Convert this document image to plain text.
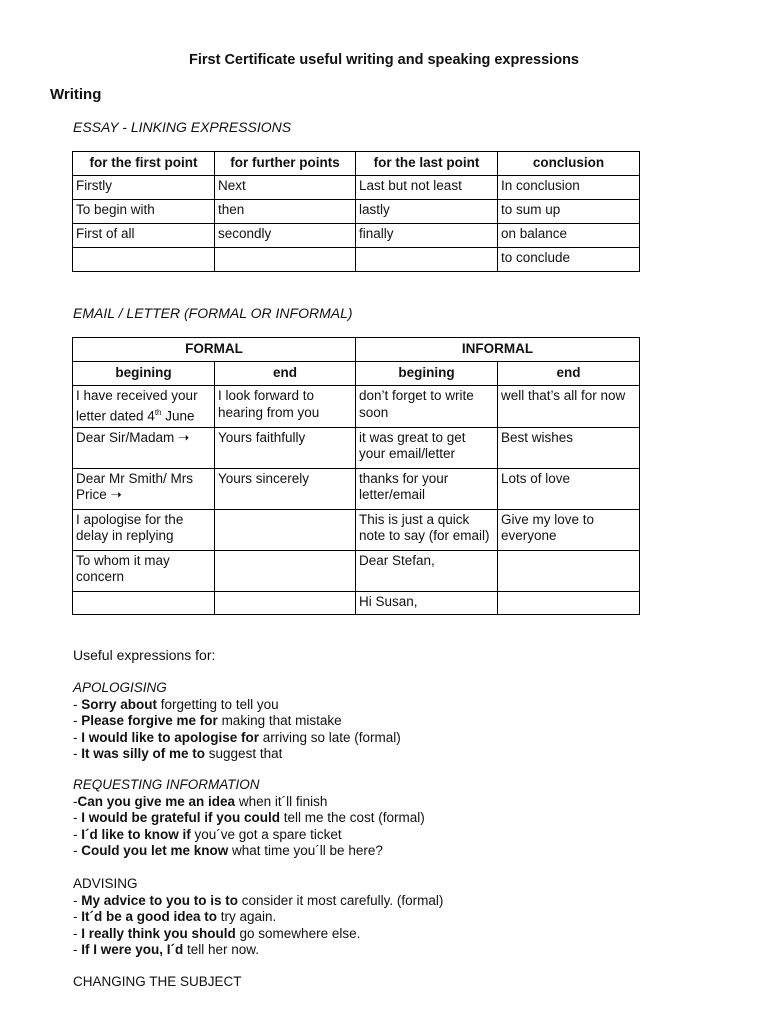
First Certificate useful writing and speaking expressions
Writing
ESSAY - LINKING EXPRESSIONS
for the first point	for further points	for the last point	conclusion
Firstly	Next	Last but not least	In conclusion
To begin with	then	lastly	to sum up
First of all	secondly	finally	on balance
			to conclude
EMAIL / LETTER (FORMAL OR INFORMAL)
FORMAL		INFORMAL	
begining	end	begining	end
I have received your letter dated 4th June	I look forward to hearing from you	don’t forget to write soon	well that’s all for now
Dear Sir/Madam ➝	Yours faithfully	it was great to get your email/letter	Best wishes
Dear Mr Smith/ Mrs Price ➝	Yours sincerely	thanks for your letter/email	Lots of love
I apologise for the delay in replying		This is just a quick note to say (for email)	Give my love to everyone
To whom it may concern		Dear Stefan,	
		Hi Susan,	
Useful expressions for:
APOLOGISING
- Sorry about forgetting to tell you
- Please forgive me for making that mistake
- I would like to apologise for arriving so late (formal)
- It was silly of me to suggest that
REQUESTING INFORMATION
-Can you give me an idea when it´ll finish
- I would be grateful if you could tell me the cost (formal)
- I´d like to know if you´ve got a spare ticket
- Could you let me know what time you´ll be here?
ADVISING
- My advice to you to is to consider it most carefully. (formal)
- It´d be a good idea to try again.
- I really think you should go somewhere else.
- If I were you, I´d tell her now.
CHANGING THE SUBJECT
